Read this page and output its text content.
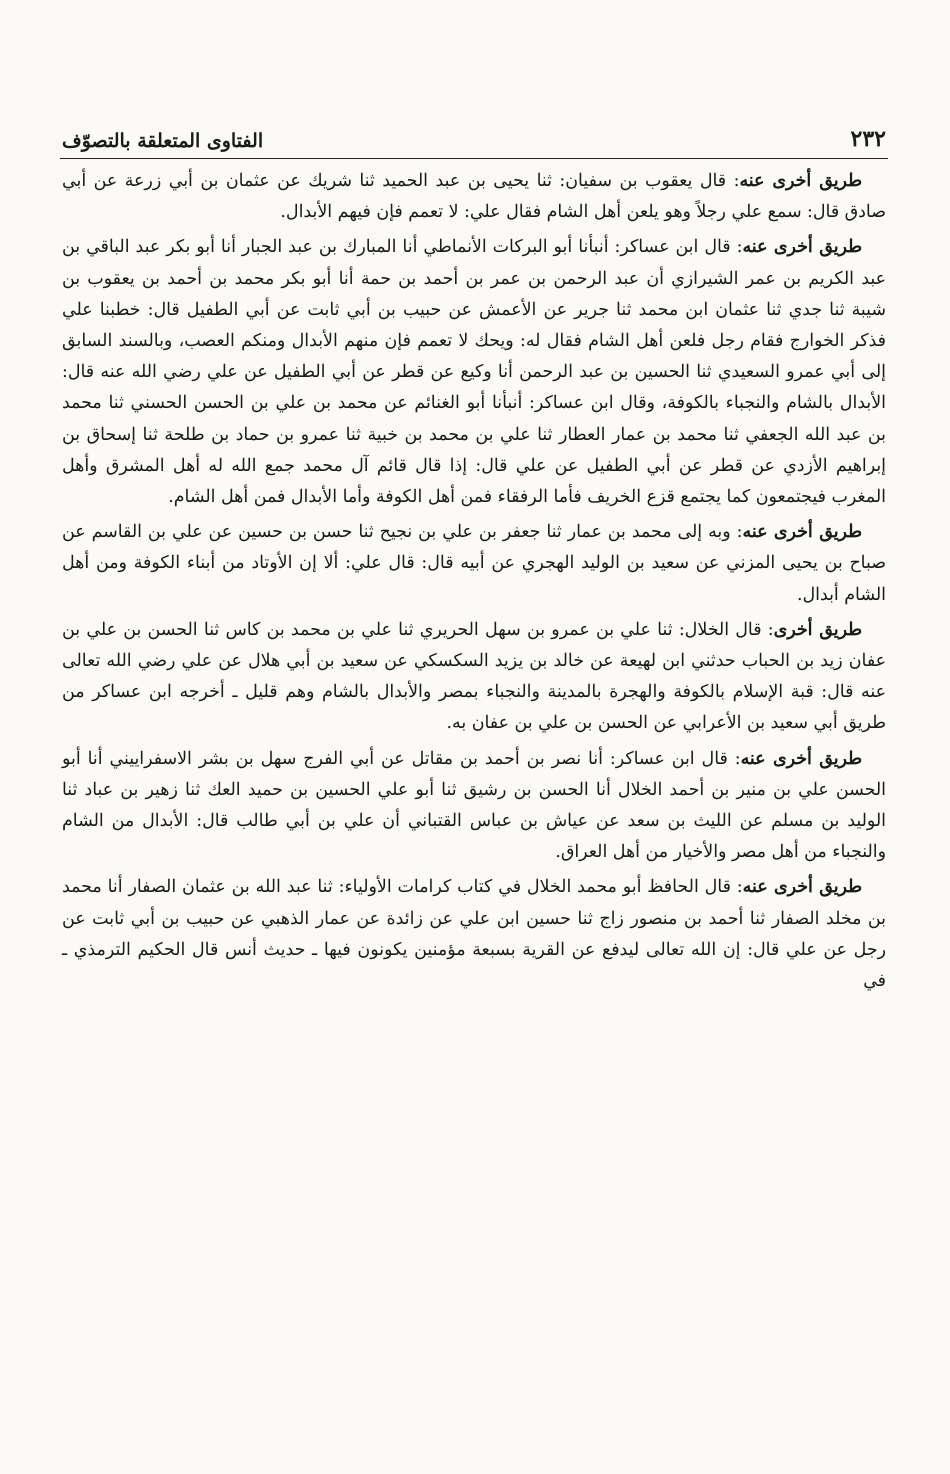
٢٣٢
الفتاوى المتعلقة بالتصوّف

طريق أخرى عنه: قال يعقوب بن سفيان: ثنا يحيى بن عبد الحميد ثنا شريك عن عثمان بن أبي زرعة عن أبي صادق قال: سمع علي رجلاً وهو يلعن أهل الشام فقال علي: لا تعمم فإن فيهم الأبدال.

طريق أخرى عنه: قال ابن عساكر: أنبأنا أبو البركات الأنماطي أنا المبارك بن عبد الجبار أنا أبو بكر عبد الباقي بن عبد الكريم بن عمر الشيرازي أن عبد الرحمن بن عمر بن أحمد بن حمة أنا أبو بكر محمد بن أحمد بن يعقوب بن شيبة ثنا جدي ثنا عثمان ابن محمد ثنا جرير عن الأعمش عن حبيب بن أبي ثابت عن أبي الطفيل قال: خطبنا علي فذكر الخوارج فقام رجل فلعن أهل الشام فقال له: ويحك لا تعمم فإن منهم الأبدال ومنكم العصب، وبالسند السابق إلى أبي عمرو السعيدي ثنا الحسين بن عبد الرحمن أنا وكيع عن قطر عن أبي الطفيل عن علي رضي الله عنه قال: الأبدال بالشام والنجباء بالكوفة، وقال ابن عساكر: أنبأنا أبو الغنائم عن محمد بن علي بن الحسن الحسني ثنا محمد بن عبد الله الجعفي ثنا محمد بن عمار العطار ثنا علي بن محمد بن خبية ثنا عمرو بن حماد بن طلحة ثنا إسحاق بن إبراهيم الأزدي عن قطر عن أبي الطفيل عن علي قال: إذا قال قائم آل محمد جمع الله له أهل المشرق وأهل المغرب فيجتمعون كما يجتمع قزع الخريف فأما الرفقاء فمن أهل الكوفة وأما الأبدال فمن أهل الشام.

طريق أخرى عنه: وبه إلى محمد بن عمار ثنا جعفر بن علي بن نجيح ثنا حسن بن حسين عن علي بن القاسم عن صباح بن يحيى المزني عن سعيد بن الوليد الهجري عن أبيه قال: قال علي: ألا إن الأوتاد من أبناء الكوفة ومن أهل الشام أبدال.

طريق أخرى: قال الخلال: ثنا علي بن عمرو بن سهل الحريري ثنا علي بن محمد بن كاس ثنا الحسن بن علي بن عفان زيد بن الحباب حدثني ابن لهيعة عن خالد بن يزيد السكسكي عن سعيد بن أبي هلال عن علي رضي الله تعالى عنه قال: قبة الإسلام بالكوفة والهجرة بالمدينة والنجباء بمصر والأبدال بالشام وهم قليل ـ أخرجه ابن عساكر من طريق أبي سعيد بن الأعرابي عن الحسن بن علي بن عفان به.

طريق أخرى عنه: قال ابن عساكر: أنا نصر بن أحمد بن مقاتل عن أبي الفرج سهل بن بشر الاسفراييني أنا أبو الحسن علي بن منير بن أحمد الخلال أنا الحسن بن رشيق ثنا أبو علي الحسين بن حميد العك ثنا زهير بن عباد ثنا الوليد بن مسلم عن الليث بن سعد عن عياش بن عباس القتباني أن علي بن أبي طالب قال: الأبدال من الشام والنجباء من أهل مصر والأخيار من أهل العراق.

طريق أخرى عنه: قال الحافظ أبو محمد الخلال في كتاب كرامات الأولياء: ثنا عبد الله بن عثمان الصفار أنا محمد بن مخلد الصفار ثنا أحمد بن منصور زاج ثنا حسين ابن علي عن زائدة عن عمار الذهبي عن حبيب بن أبي ثابت عن رجل عن علي قال: إن الله تعالى ليدفع عن القرية بسبعة مؤمنين يكونون فيها ـ حديث أنس قال الحكيم الترمذي ـ في
